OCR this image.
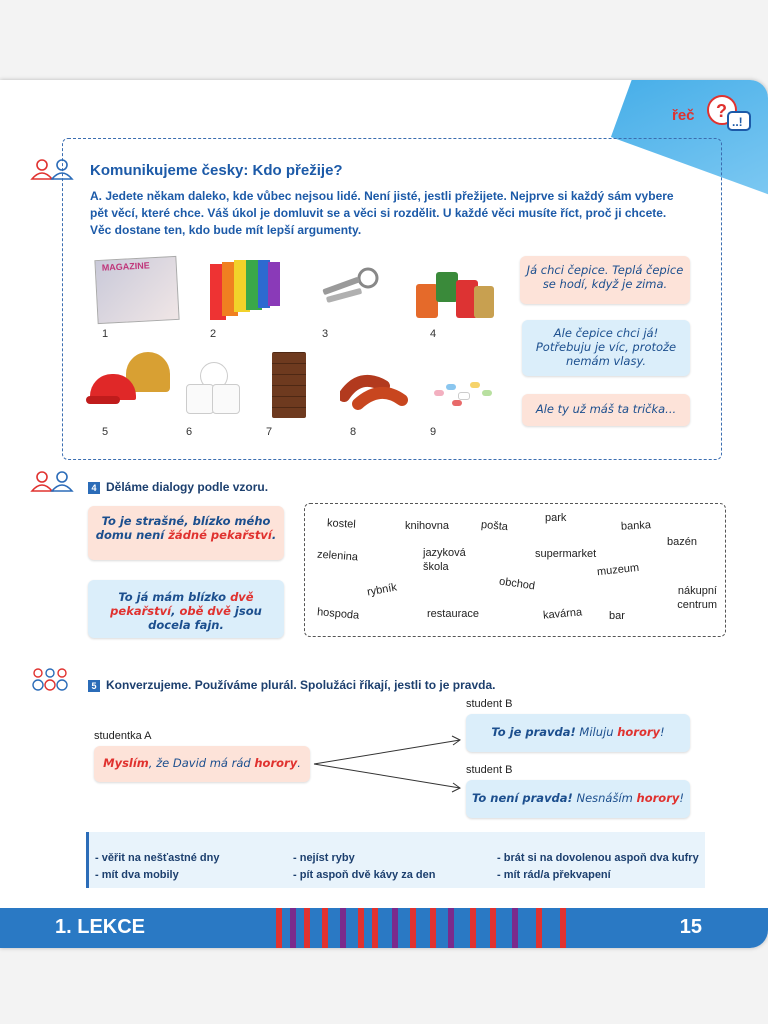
řeč ?
..!
Komunikujeme česky: Kdo přežije?
A. Jedete někam daleko, kde vůbec nejsou lidé. Není jisté, jestli přežijete. Nejprve si každý sám vybere pět věcí, které chce. Váš úkol je domluvit se a věci si rozdělit. U každé věci musíte říct, proč ji chcete. Věc dostane ten, kdo bude mít lepší argumenty.
MAGAZINE
1	2	3	4
5	6	7	8	9
Já chci čepice. Teplá čepice se hodí, když je zima.
Ale čepice chci já! Potřebuju je víc, protože nemám vlasy.
Ale ty už máš ta trička...
4 Děláme dialogy podle vzoru.
To je strašné, blízko mého domu není žádné pekařství.
To já mám blízko dvě pekařství, obě dvě jsou docela fajn.
kostel	knihovna	pošta
park
banka
bazén
zelenina	jazyková škola
supermarket
muzeum
rybník	obchod	nákupní centrum
hospoda	restaurace	kavárna bar
5 Konverzujeme. Používáme plurál. Spolužáci říkají, jestli to je pravda.
student B
studentka A
student B
Myslím, že David má rád horory.
To je pravda! Miluju horory!
To není pravda! Nesnáším horory!
- věřit na nešťastné dny
- mít dva mobily
- nejíst ryby
- pít aspoň dvě kávy za den
- brát si na dovolenou aspoň dva kufry
- mít rád/a překvapení
1. LEKCE	15
